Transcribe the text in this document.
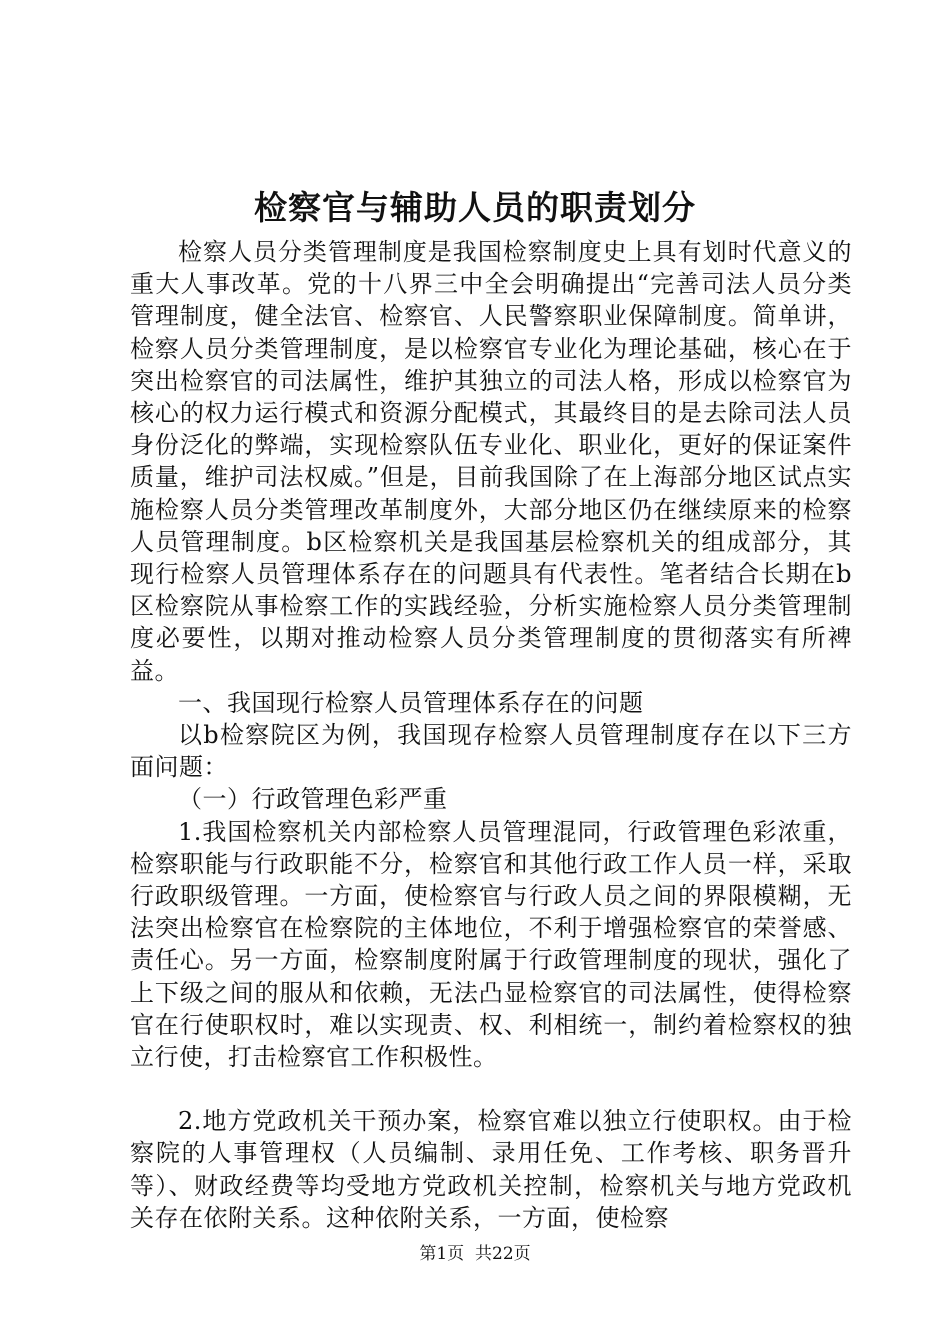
检察官与辅助人员的职责划分

检察人员分类管理制度是我国检察制度史上具有划时代意义的重大人事改革。党的十八界三中全会明确提出“完善司法人员分类管理制度，健全法官、检察官、人民警察职业保障制度。简单讲，检察人员分类管理制度，是以检察官专业化为理论基础，核心在于突出检察官的司法属性，维护其独立的司法人格，形成以检察官为核心的权力运行模式和资源分配模式，其最终目的是去除司法人员身份泛化的弊端，实现检察队伍专业化、职业化，更好的保证案件质量，维护司法权威。”但是，目前我国除了在上海部分地区试点实施检察人员分类管理改革制度外，大部分地区仍在继续原来的检察人员管理制度。b区检察机关是我国基层检察机关的组成部分，其现行检察人员管理体系存在的问题具有代表性。笔者结合长期在b区检察院从事检察工作的实践经验，分析实施检察人员分类管理制度必要性，以期对推动检察人员分类管理制度的贯彻落实有所裨益。

一、我国现行检察人员管理体系存在的问题

以b检察院区为例，我国现存检察人员管理制度存在以下三方面问题：

（一）行政管理色彩严重

1.我国检察机关内部检察人员管理混同，行政管理色彩浓重，检察职能与行政职能不分，检察官和其他行政工作人员一样，采取行政职级管理。一方面，使检察官与行政人员之间的界限模糊，无法突出检察官在检察院的主体地位，不利于增强检察官的荣誉感、责任心。另一方面，检察制度附属于行政管理制度的现状，强化了上下级之间的服从和依赖，无法凸显检察官的司法属性，使得检察官在行使职权时，难以实现责、权、利相统一，制约着检察权的独立行使，打击检察官工作积极性。

2.地方党政机关干预办案，检察官难以独立行使职权。由于检察院的人事管理权（人员编制、录用任免、工作考核、职务晋升等）、财政经费等均受地方党政机关控制，检察机关与地方党政机关存在依附关系。这种依附关系，一方面，使检察

第1页 共22页
